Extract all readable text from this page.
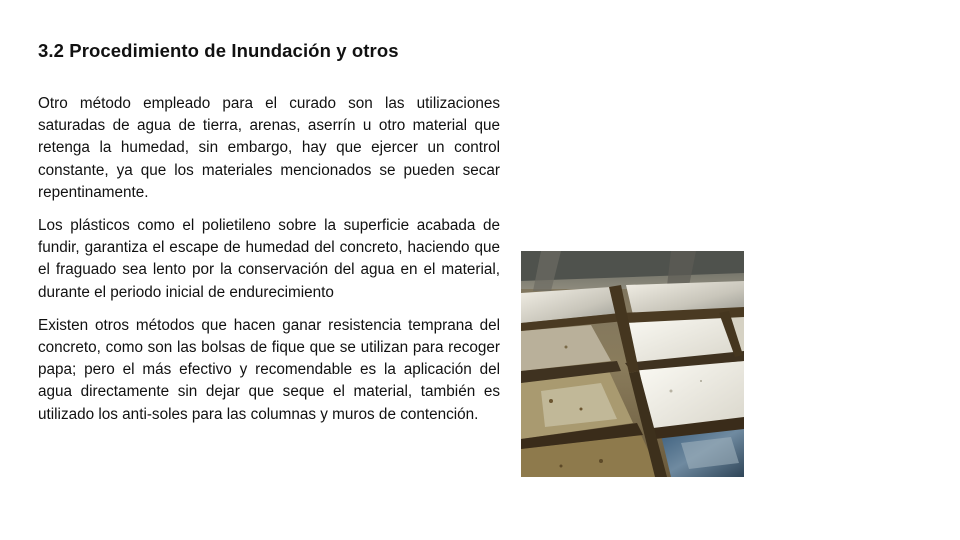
3.2 Procedimiento de Inundación y otros

Otro método empleado para el curado son las utilizaciones saturadas de agua de tierra, arenas, aserrín u otro material que retenga la humedad, sin embargo, hay que ejercer un control constante, ya que los materiales mencionados se pueden secar repentinamente.

Los plásticos como el polietileno sobre la superficie acabada de fundir, garantiza el escape de humedad del concreto, haciendo que el fraguado sea lento por la conservación del agua en el material, durante el periodo inicial de endurecimiento

Existen otros métodos que hacen ganar resistencia temprana del concreto, como son las bolsas de fique que se utilizan para recoger papa; pero el más efectivo y recomendable es la aplicación del agua directamente sin dejar que seque el material, también es utilizado los anti-soles para las columnas y muros de contención.
